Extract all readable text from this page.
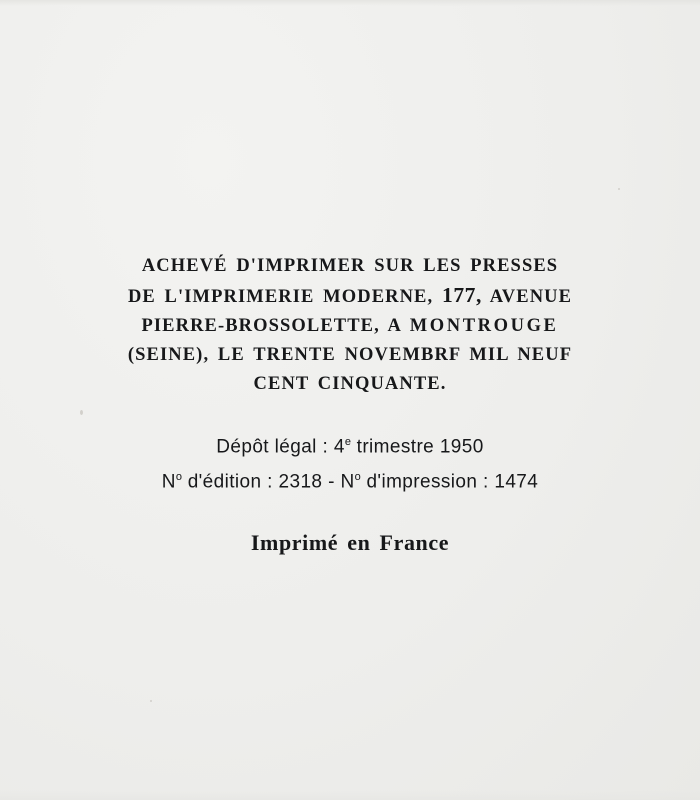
ACHEVÉ D'IMPRIMER SUR LES PRESSES
DE L'IMPRIMERIE MODERNE, 177, AVENUE
PIERRE-BROSSOLETTE, A MONTROUGE
(SEINE), LE TRENTE NOVEMBRF MIL NEUF
CENT CINQUANTE.
Dépôt légal : 4e trimestre 1950
$N^o$ d'édition : $2318 - N^o$ d'impression : 1474
Imprimé en France
